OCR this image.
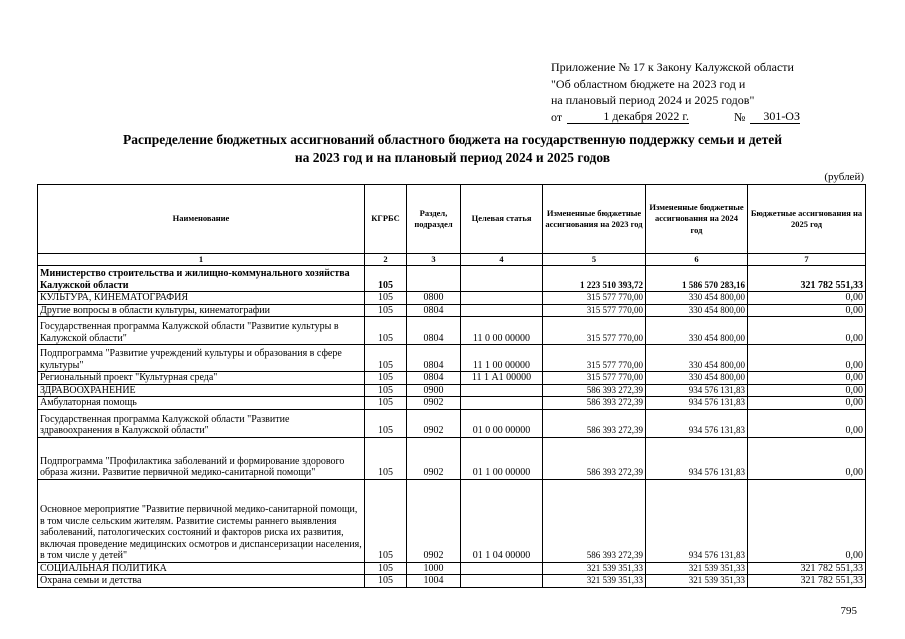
Приложение № 17 к Закону Калужской области
"Об областном бюджете на 2023 год и
на плановый период 2024 и 2025 годов"
от	1 декабря 2022 г.	№	301-ОЗ
Распределение бюджетных ассигнований областного бюджета на государственную поддержку семьи и детей
на 2023 год и на плановый период 2024 и 2025 годов
(рублей)
Наименование	КГРБС	Раздел, подраздел	Целевая статья	Измененные бюджетные ассигнования на 2023 год	Измененные бюджетные ассигнования на 2024 год	Бюджетные ассигнования на 2025 год
1	2	3	4	5	6	7
Министерство строительства и жилищно-коммунального хозяйства Калужской области	105			1 223 510 393,72	1 586 570 283,16	321 782 551,33
КУЛЬТУРА, КИНЕМАТОГРАФИЯ	105	0800		315 577 770,00	330 454 800,00	0,00
Другие вопросы в области культуры, кинематографии	105	0804		315 577 770,00	330 454 800,00	0,00
Государственная программа Калужской области "Развитие культуры в Калужской области"	105	0804	11 0 00 00000	315 577 770,00	330 454 800,00	0,00
Подпрограмма "Развитие учреждений культуры и образования в сфере культуры"	105	0804	11 1 00 00000	315 577 770,00	330 454 800,00	0,00
Региональный проект "Культурная среда"	105	0804	11 1 А1 00000	315 577 770,00	330 454 800,00	0,00
ЗДРАВООХРАНЕНИЕ	105	0900		586 393 272,39	934 576 131,83	0,00
Амбулаторная помощь	105	0902		586 393 272,39	934 576 131,83	0,00
Государственная программа Калужской области "Развитие здравоохранения в Калужской области"	105	0902	01 0 00 00000	586 393 272,39	934 576 131,83	0,00
Подпрограмма "Профилактика заболеваний и формирование здорового образа жизни. Развитие первичной медико-санитарной помощи"	105	0902	01 1 00 00000	586 393 272,39	934 576 131,83	0,00
Основное мероприятие "Развитие первичной медико-санитарной помощи, в том числе сельским жителям. Развитие системы раннего выявления заболеваний, патологических состояний и факторов риска их развития, включая проведение медицинских осмотров и диспансеризации населения, в том числе у детей"	105	0902	01 1 04 00000	586 393 272,39	934 576 131,83	0,00
СОЦИАЛЬНАЯ ПОЛИТИКА	105	1000		321 539 351,33	321 539 351,33	321 782 551,33
Охрана семьи и детства	105	1004		321 539 351,33	321 539 351,33	321 782 551,33
795
